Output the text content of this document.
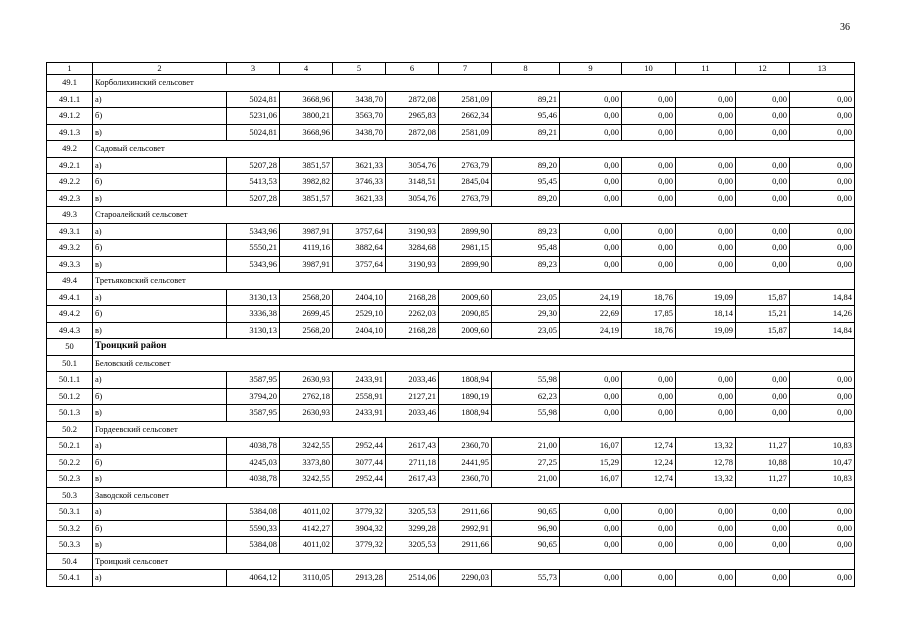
36
1	2	3	4	5	6	7	8	9	10	11	12	13
49.1	Корболихинский сельсовет											
49.1.1	а)	5024,81	3668,96	3438,70	2872,08	2581,09	89,21	0,00	0,00	0,00	0,00	0,00
49.1.2	б)	5231,06	3800,21	3563,70	2965,83	2662,34	95,46	0,00	0,00	0,00	0,00	0,00
49.1.3	в)	5024,81	3668,96	3438,70	2872,08	2581,09	89,21	0,00	0,00	0,00	0,00	0,00
49.2	Садовый сельсовет											
49.2.1	а)	5207,28	3851,57	3621,33	3054,76	2763,79	89,20	0,00	0,00	0,00	0,00	0,00
49.2.2	б)	5413,53	3982,82	3746,33	3148,51	2845,04	95,45	0,00	0,00	0,00	0,00	0,00
49.2.3	в)	5207,28	3851,57	3621,33	3054,76	2763,79	89,20	0,00	0,00	0,00	0,00	0,00
49.3	Староалейский сельсовет											
49.3.1	а)	5343,96	3987,91	3757,64	3190,93	2899,90	89,23	0,00	0,00	0,00	0,00	0,00
49.3.2	б)	5550,21	4119,16	3882,64	3284,68	2981,15	95,48	0,00	0,00	0,00	0,00	0,00
49.3.3	в)	5343,96	3987,91	3757,64	3190,93	2899,90	89,23	0,00	0,00	0,00	0,00	0,00
49.4	Третьяковский сельсовет											
49.4.1	а)	3130,13	2568,20	2404,10	2168,28	2009,60	23,05	24,19	18,76	19,09	15,87	14,84
49.4.2	б)	3336,38	2699,45	2529,10	2262,03	2090,85	29,30	22,69	17,85	18,14	15,21	14,26
49.4.3	в)	3130,13	2568,20	2404,10	2168,28	2009,60	23,05	24,19	18,76	19,09	15,87	14,84
50	Троицкий район											
50.1	Беловский сельсовет											
50.1.1	а)	3587,95	2630,93	2433,91	2033,46	1808,94	55,98	0,00	0,00	0,00	0,00	0,00
50.1.2	б)	3794,20	2762,18	2558,91	2127,21	1890,19	62,23	0,00	0,00	0,00	0,00	0,00
50.1.3	в)	3587,95	2630,93	2433,91	2033,46	1808,94	55,98	0,00	0,00	0,00	0,00	0,00
50.2	Гордеевский сельсовет											
50.2.1	а)	4038,78	3242,55	2952,44	2617,43	2360,70	21,00	16,07	12,74	13,32	11,27	10,83
50.2.2	б)	4245,03	3373,80	3077,44	2711,18	2441,95	27,25	15,29	12,24	12,78	10,88	10,47
50.2.3	в)	4038,78	3242,55	2952,44	2617,43	2360,70	21,00	16,07	12,74	13,32	11,27	10,83
50.3	Заводской сельсовет											
50.3.1	а)	5384,08	4011,02	3779,32	3205,53	2911,66	90,65	0,00	0,00	0,00	0,00	0,00
50.3.2	б)	5590,33	4142,27	3904,32	3299,28	2992,91	96,90	0,00	0,00	0,00	0,00	0,00
50.3.3	в)	5384,08	4011,02	3779,32	3205,53	2911,66	90,65	0,00	0,00	0,00	0,00	0,00
50.4	Троицкий сельсовет											
50.4.1	а)	4064,12	3110,05	2913,28	2514,06	2290,03	55,73	0,00	0,00	0,00	0,00	0,00
